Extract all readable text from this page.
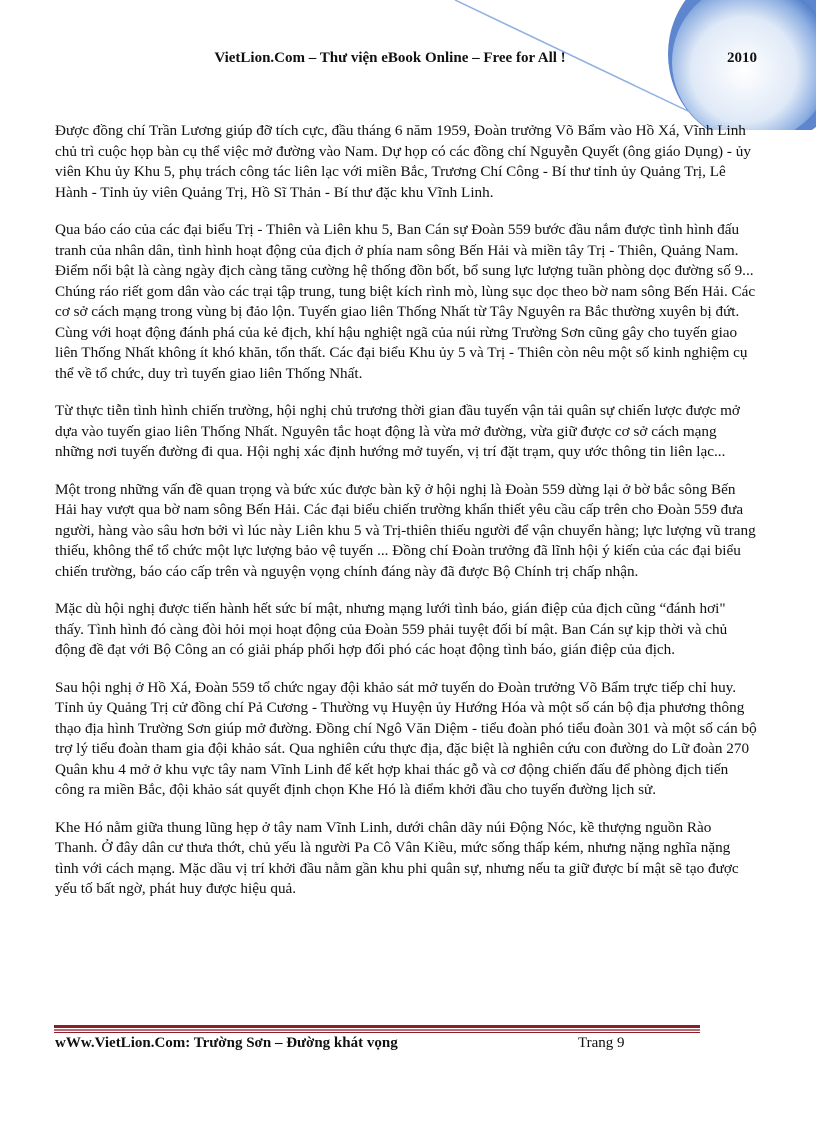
VietLion.Com – Thư viện eBook Online – Free for All !	2010

Được đồng chí Trần Lương giúp đỡ tích cực, đầu tháng 6 năm 1959, Đoàn trưởng Võ Bẩm vào Hồ Xá, Vĩnh Linh chủ trì cuộc họp bàn cụ thể việc mở đường vào Nam. Dự họp có các đồng chí Nguyễn Quyết (ông giáo Dụng) - ủy viên Khu ủy Khu 5, phụ trách công tác liên lạc với miền Bắc, Trương Chí Công - Bí thư tỉnh ủy Quảng Trị, Lê Hành - Tỉnh ủy viên Quảng Trị, Hồ Sĩ Thản - Bí thư đặc khu Vĩnh Linh.

Qua báo cáo của các đại biểu Trị - Thiên và Liên khu 5, Ban Cán sự Đoàn 559 bước đầu nắm được tình hình đấu tranh của nhân dân, tình hình hoạt động của địch ở phía nam sông Bến Hải và miền tây Trị - Thiên, Quảng Nam. Điểm nổi bật là càng ngày địch càng tăng cường hệ thống đồn bốt, bổ sung lực lượng tuần phòng dọc đường số 9... Chúng ráo riết gom dân vào các trại tập trung, tung biệt kích rình mò, lùng sục dọc theo bờ nam sông Bến Hải. Các cơ sở cách mạng trong vùng bị đảo lộn. Tuyến giao liên Thống Nhất từ Tây Nguyên ra Bắc thường xuyên bị đứt. Cùng với hoạt động đánh phá của kẻ địch, khí hậu nghiệt ngã của núi rừng Trường Sơn cũng gây cho tuyến giao liên Thống Nhất không ít khó khăn, tổn thất. Các đại biểu Khu ủy 5 và Trị - Thiên còn nêu một số kinh nghiệm cụ thể về tổ chức, duy trì tuyến giao liên Thống Nhất.

Từ thực tiễn tình hình chiến trường, hội nghị chủ trương thời gian đầu tuyến vận tải quân sự chiến lược được mở dựa vào tuyến giao liên Thống Nhất. Nguyên tắc hoạt động là vừa mở đường, vừa giữ được cơ sở cách mạng những nơi tuyến đường đi qua. Hội nghị xác định hướng mở tuyến, vị trí đặt trạm, quy ước thông tin liên lạc...

Một trong những vấn đề quan trọng và bức xúc được bàn kỹ ở hội nghị là Đoàn 559 dừng lại ở bờ bắc sông Bến Hải hay vượt qua bờ nam sông Bến Hải. Các đại biểu chiến trường khẩn thiết yêu cầu cấp trên cho Đoàn 559 đưa người, hàng vào sâu hơn bởi vì lúc này Liên khu 5 và Trị-thiên thiếu người để vận chuyển hàng; lực lượng vũ trang thiếu, không thể tổ chức một lực lượng bảo vệ tuyến ... Đồng chí Đoàn trưởng đã lĩnh hội ý kiến của các đại biểu chiến trường, báo cáo cấp trên và nguyện vọng chính đáng này đã được Bộ Chính trị chấp nhận.

Mặc dù hội nghị được tiến hành hết sức bí mật, nhưng mạng lưới tình báo, gián điệp của địch cũng “đánh hơi" thấy. Tình hình đó càng đòi hỏi mọi hoạt động của Đoàn 559 phải tuyệt đối bí mật. Ban Cán sự kịp thời và chủ động đề đạt với Bộ Công an có giải pháp phối hợp đối phó các hoạt động tình báo, gián điệp của địch.

Sau hội nghị ở Hồ Xá, Đoàn 559 tổ chức ngay đội khảo sát mở tuyến do Đoàn trưởng Võ Bẩm trực tiếp chỉ huy. Tỉnh ủy Quảng Trị cử đồng chí Pả Cương - Thường vụ Huyện ủy Hướng Hóa và một số cán bộ địa phương thông thạo địa hình Trường Sơn giúp mở đường. Đồng chí Ngô Văn Diệm - tiểu đoàn phó tiểu đoàn 301 và một số cán bộ trợ lý tiểu đoàn tham gia đội khảo sát. Qua nghiên cứu thực địa, đặc biệt là nghiên cứu con đường do Lữ đoàn 270 Quân khu 4 mở ở khu vực tây nam Vĩnh Linh để kết hợp khai thác gỗ và cơ động chiến đấu để phòng địch tiến công ra miền Bắc, đội khảo sát quyết định chọn Khe Hó là điểm khởi đầu cho tuyến đường lịch sử.

Khe Hó nằm giữa thung lũng hẹp ở tây nam Vĩnh Linh, dưới chân dãy núi Động Nóc, kề thượng nguồn Rào Thanh. Ở đây dân cư thưa thớt, chủ yếu là người Pa Cô Vân Kiều, mức sống thấp kém, nhưng nặng nghĩa nặng tình với cách mạng. Mặc dầu vị trí khởi đầu nằm gần khu phi quân sự, nhưng nếu ta giữ được bí mật sẽ tạo được yếu tố bất ngờ, phát huy được hiệu quả.

wWw.VietLion.Com: Trường Sơn – Đường khát vọng	Trang 9
